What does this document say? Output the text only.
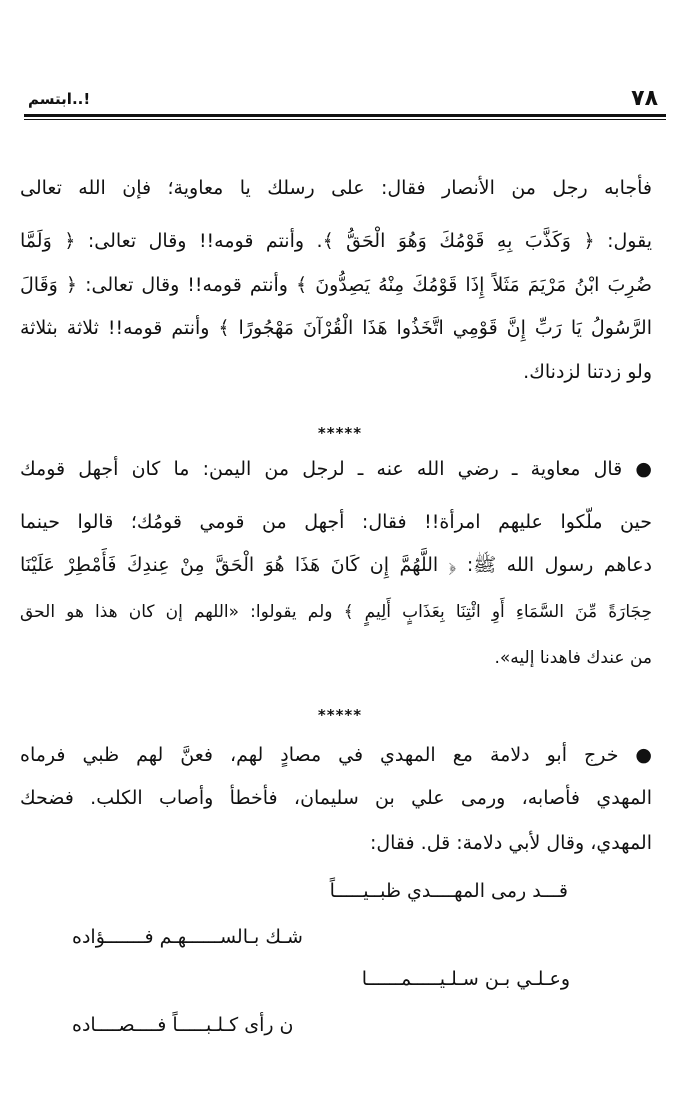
٧٨
ابتسم..!
فأجابه رجل من الأنصار فقال: على رسلك يا معاوية؛ فإن الله تعالى
يقول: ﴿ وَكَذَّبَ بِهِ قَوْمُكَ وَهُوَ الْحَقُّ ﴾. وأنتم قومه!! وقال تعالى: ﴿ وَلَمَّا
ضُرِبَ ابْنُ مَرْيَمَ مَثَلاً إِذَا قَوْمُكَ مِنْهُ يَصِدُّونَ ﴾ وأنتم قومه!! وقال تعالى: ﴿ وَقَالَ
الرَّسُولُ يَا رَبِّ إِنَّ قَوْمِي اتَّخَذُوا هَذَا الْقُرْآنَ مَهْجُورًا ﴾ وأنتم قومه!! ثلاثة بثلاثة
ولو زدتنا لزدناك.
*****
● قال معاوية ـ رضي الله عنه ـ لرجل من اليمن: ما كان أجهل قومك
حين ملّكوا عليهم امرأة!! فقال: أجهل من قومي قومُك؛ قالوا حينما
دعاهم رسول الله ﷺ: ﴿ اللَّهُمَّ إِن كَانَ هَذَا هُوَ الْحَقَّ مِنْ عِندِكَ فَأَمْطِرْ عَلَيْنَا
حِجَارَةً مِّنَ السَّمَاءِ أَوِ ائْتِنَا بِعَذَابٍ أَلِيمٍ ﴾ ولم يقولوا: «اللهم إن كان هذا هو الحق
من عندك فاهدنا إليه».
*****
● خرج أبو دلامة مع المهدي في مصادٍ لهم، فعنَّ لهم ظبي فرماه
المهدي فأصابه، ورمى علي بن سليمان، فأخطأ وأصاب الكلب. فضحك
المهدي، وقال لأبي دلامة: قل. فقال:
قـــد رمى المهــــدي ظبــيـــــاً
شـك بـالســــــهـم فـــــــؤاده
وعـلـي بـن سـلـيـــــمــــــا
ن رأى كـلـبـــــاً فــــصــــاده
